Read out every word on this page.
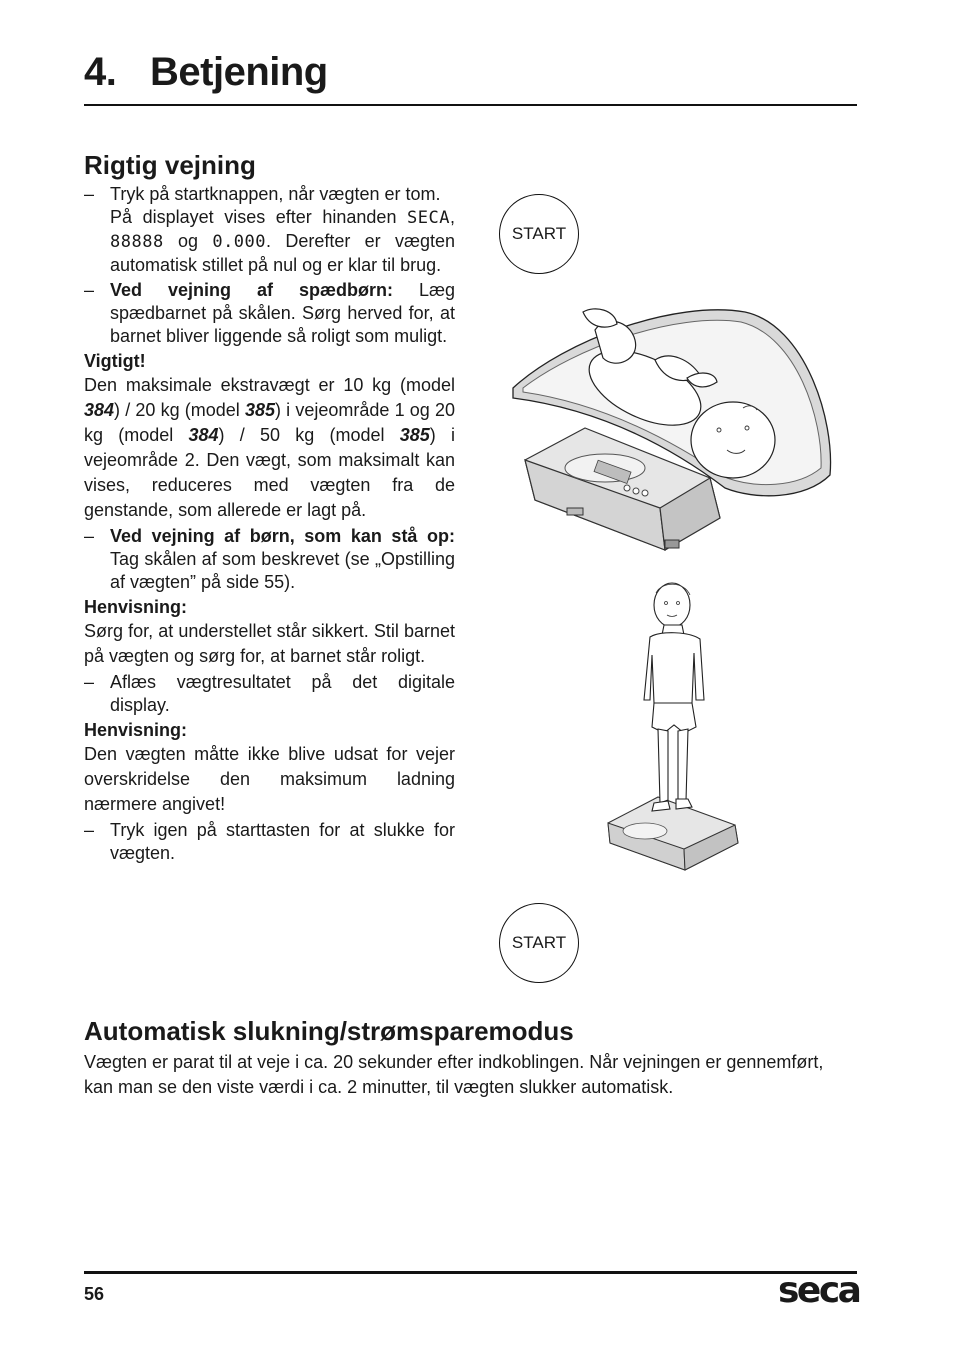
4. Betjening
Rigtig vejning

– Tryk på startknappen, når vægten er tom.
På displayet vises efter hinanden SECA, 88888 og 0.000. Derefter er vægten automatisk stillet på nul og er klar til brug.

– Ved vejning af spædbørn: Læg spædbarnet på skålen. Sørg herved for, at barnet bliver liggende så roligt som muligt.

Vigtigt!

Den maksimale ekstravægt er 10 kg (model 384) / 20 kg (model 385) i vejeområde 1 og 20 kg (model 384) / 50 kg (model 385) i vejeområde 2. Den vægt, som maksimalt kan vises, reduceres med vægten fra de genstande, som allerede er lagt på.

– Ved vejning af børn, som kan stå op: Tag skålen af som beskrevet (se „Opstilling af vægten” på side 55).

Henvisning:

Sørg for, at understellet står sikkert. Stil barnet på vægten og sørg for, at barnet står roligt.

– Aflæs vægtresultatet på det digitale display.

Henvisning:

Den vægten måtte ikke blive udsat for vejer overskridelse den maksimum ladning nærmere angivet!

– Tryk igen på starttasten for at slukke for vægten.

START
START
Automatisk slukning/strømsparemodus

Vægten er parat til at veje i ca. 20 sekunder efter indkoblingen. Når vejningen er gennemført, kan man se den viste værdi i ca. 2 minutter, til vægten slukker automatisk.

56	seca
